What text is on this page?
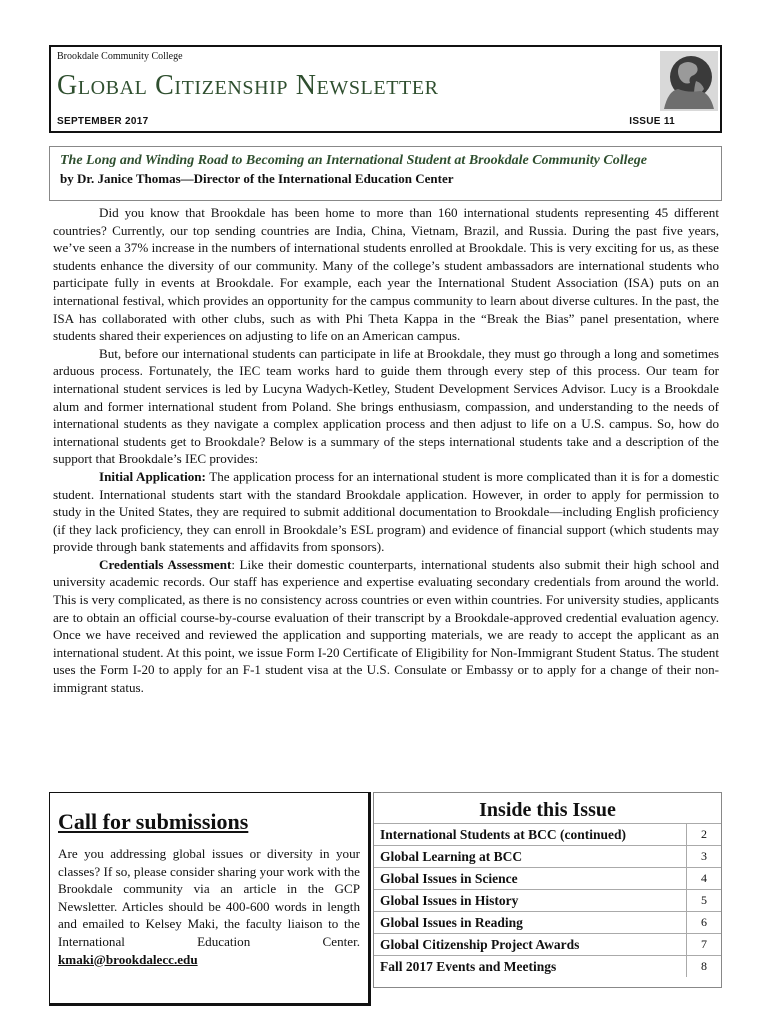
Brookdale Community College
Global Citizenship Newsletter
SEPTEMBER 2017	ISSUE 11
The Long and Winding Road to Becoming an International Student at Brookdale Community College
by Dr. Janice Thomas—Director of the International Education Center

Did you know that Brookdale has been home to more than 160 international students representing 45 different countries? Currently, our top sending countries are India, China, Vietnam, Brazil, and Russia. During the past five years, we’ve seen a 37% increase in the numbers of international students enrolled at Brookdale. This is very exciting for us, as these students enhance the diversity of our community. Many of the college’s student ambassadors are international students who participate fully in events at Brookdale. For example, each year the International Student Association (ISA) puts on an international festival, which provides an opportunity for the campus community to learn about diverse cultures. In the past, the ISA has collaborated with other clubs, such as with Phi Theta Kappa in the “Break the Bias” panel presentation, where students shared their experiences on adjusting to life on an American campus.

But, before our international students can participate in life at Brookdale, they must go through a long and sometimes arduous process. Fortunately, the IEC team works hard to guide them through every step of this process. Our team for international student services is led by Lucyna Wadych-Ketley, Student Development Services Advisor. Lucy is a Brookdale alum and former international student from Poland. She brings enthusiasm, compassion, and understanding to the needs of international students as they navigate a complex application process and then adjust to life on a U.S. campus. So, how do international students get to Brookdale? Below is a summary of the steps international students take and a description of the support that Brookdale’s IEC provides:

Initial Application: The application process for an international student is more complicated than it is for a domestic student. International students start with the standard Brookdale application. However, in order to apply for permission to study in the United States, they are required to submit additional documentation to Brookdale—including English proficiency (if they lack proficiency, they can enroll in Brookdale’s ESL program) and evidence of financial support (which students may provide through bank statements and affidavits from sponsors).

Credentials Assessment: Like their domestic counterparts, international students also submit their high school and university academic records. Our staff has experience and expertise evaluating secondary credentials from around the world. This is very complicated, as there is no consistency across countries or even within countries. For university studies, applicants are to obtain an official course-by-course evaluation of their transcript by a Brookdale-approved credential evaluation agency. Once we have received and reviewed the application and supporting materials, we are ready to accept the applicant as an international student. At this point, we issue Form I-20 Certificate of Eligibility for Non-Immigrant Student Status. The student uses the Form I-20 to apply for an F-1 student visa at the U.S. Consulate or Embassy or to apply for a change of their non-immigrant status.

Call for submissions
Are you addressing global issues or diversity in your classes? If so, please consider sharing your work with the Brookdale community via an article in the GCP Newsletter. Articles should be 400-600 words in length and emailed to Kelsey Maki, the faculty liaison to the International Education Center. kmaki@brookdalecc.edu
Inside this Issue
International Students at BCC (continued)	2
Global Learning at BCC	3
Global Issues in Science	4
Global Issues in History	5
Global Issues in Reading	6
Global Citizenship Project Awards	7
Fall 2017 Events and Meetings	8
